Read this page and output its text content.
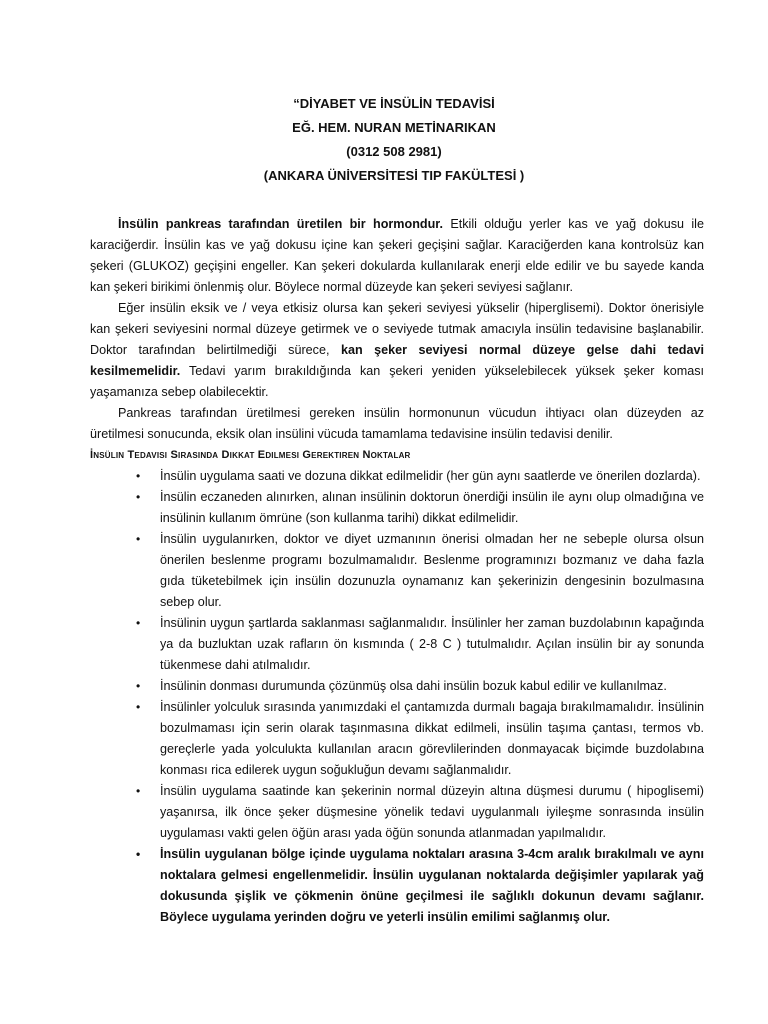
“DİYABET VE İNSÜLİN TEDAVİSİ
EĞ. HEM. NURAN METİNARIKAN
(0312 508 2981)
(ANKARA ÜNİVERSİTESİ TIP FAKÜLTESİ )

İnsülin pankreas tarafından üretilen bir hormondur. Etkili olduğu yerler kas ve yağ dokusu ile karaciğerdir. İnsülin kas ve yağ dokusu içine kan şekeri geçişini sağlar. Karaciğerden kana kontrolsüz kan şekeri (GLUKOZ) geçişini engeller. Kan şekeri dokularda kullanılarak enerji elde edilir ve bu sayede kanda kan şekeri birikimi önlenmiş olur. Böylece normal düzeyde kan şekeri seviyesi sağlanır.

Eğer insülin eksik ve / veya etkisiz olursa kan şekeri seviyesi yükselir (hiperglisemi). Doktor önerisiyle kan şekeri seviyesini normal düzeye getirmek ve o seviyede tutmak amacıyla insülin tedavisine başlanabilir. Doktor tarafından belirtilmediği sürece, kan şeker seviyesi normal düzeye gelse dahi tedavi kesilmemelidir. Tedavi yarım bırakıldığında kan şekeri yeniden yükselebilecek yüksek şeker koması yaşamanıza sebep olabilecektir.

Pankreas tarafından üretilmesi gereken insülin hormonunun vücudun ihtiyacı olan düzeyden az üretilmesi sonucunda, eksik olan insülini vücuda tamamlama tedavisine insülin tedavisi denilir.

İnsülin Tedavisi Sırasında Dikkat Edilmesi Gerektiren Noktalar

• İnsülin uygulama saati ve dozuna dikkat edilmelidir (her gün aynı saatlerde ve önerilen dozlarda).
• İnsülin eczaneden alınırken, alınan insülinin doktorun önerdiği insülin ile aynı olup olmadığına ve insülinin kullanım ömrüne (son kullanma tarihi) dikkat edilmelidir.
• İnsülin uygulanırken, doktor ve diyet uzmanının önerisi olmadan her ne sebeple olursa olsun önerilen beslenme programı bozulmamalıdır. Beslenme programınızı bozmanız ve daha fazla gıda tüketebilmek için insülin dozunuzla oynamanız kan şekerinizin dengesinin bozulmasına sebep olur.
• İnsülinin uygun şartlarda saklanması sağlanmalıdır. İnsülinler her zaman buzdolabının kapağında ya da buzluktan uzak rafların ön kısmında ( 2-8 C ) tutulmalıdır. Açılan insülin bir ay sonunda tükenmese dahi atılmalıdır.
• İnsülinin donması durumunda çözünmüş olsa dahi insülin bozuk kabul edilir ve kullanılmaz.
• İnsülinler yolculuk sırasında yanımızdaki el çantamızda durmalı bagaja bırakılmamalıdır. İnsülinin bozulmaması için serin olarak taşınmasına dikkat edilmeli, insülin taşıma çantası, termos vb. gereçlerle yada yolculukta kullanılan aracın görevlilerinden donmayacak biçimde buzdolabına konması rica edilerek uygun soğukluğun devamı sağlanmalıdır.
• İnsülin uygulama saatinde kan şekerinin normal düzeyin altına düşmesi durumu ( hipoglisemi) yaşanırsa, ilk önce şeker düşmesine yönelik tedavi uygulanmalı iyileşme sonrasında insülin uygulaması vakti gelen öğün arası yada öğün sonunda atlanmadan yapılmalıdır.
• İnsülin uygulanan bölge içinde uygulama noktaları arasına 3-4cm aralık bırakılmalı ve aynı noktalara gelmesi engellenmelidir. İnsülin uygulanan noktalarda değişimler yapılarak yağ dokusunda şişlik ve çökmenin önüne geçilmesi ile sağlıklı dokunun devamı sağlanır. Böylece uygulama yerinden doğru ve yeterli insülin emilimi sağlanmış olur.
